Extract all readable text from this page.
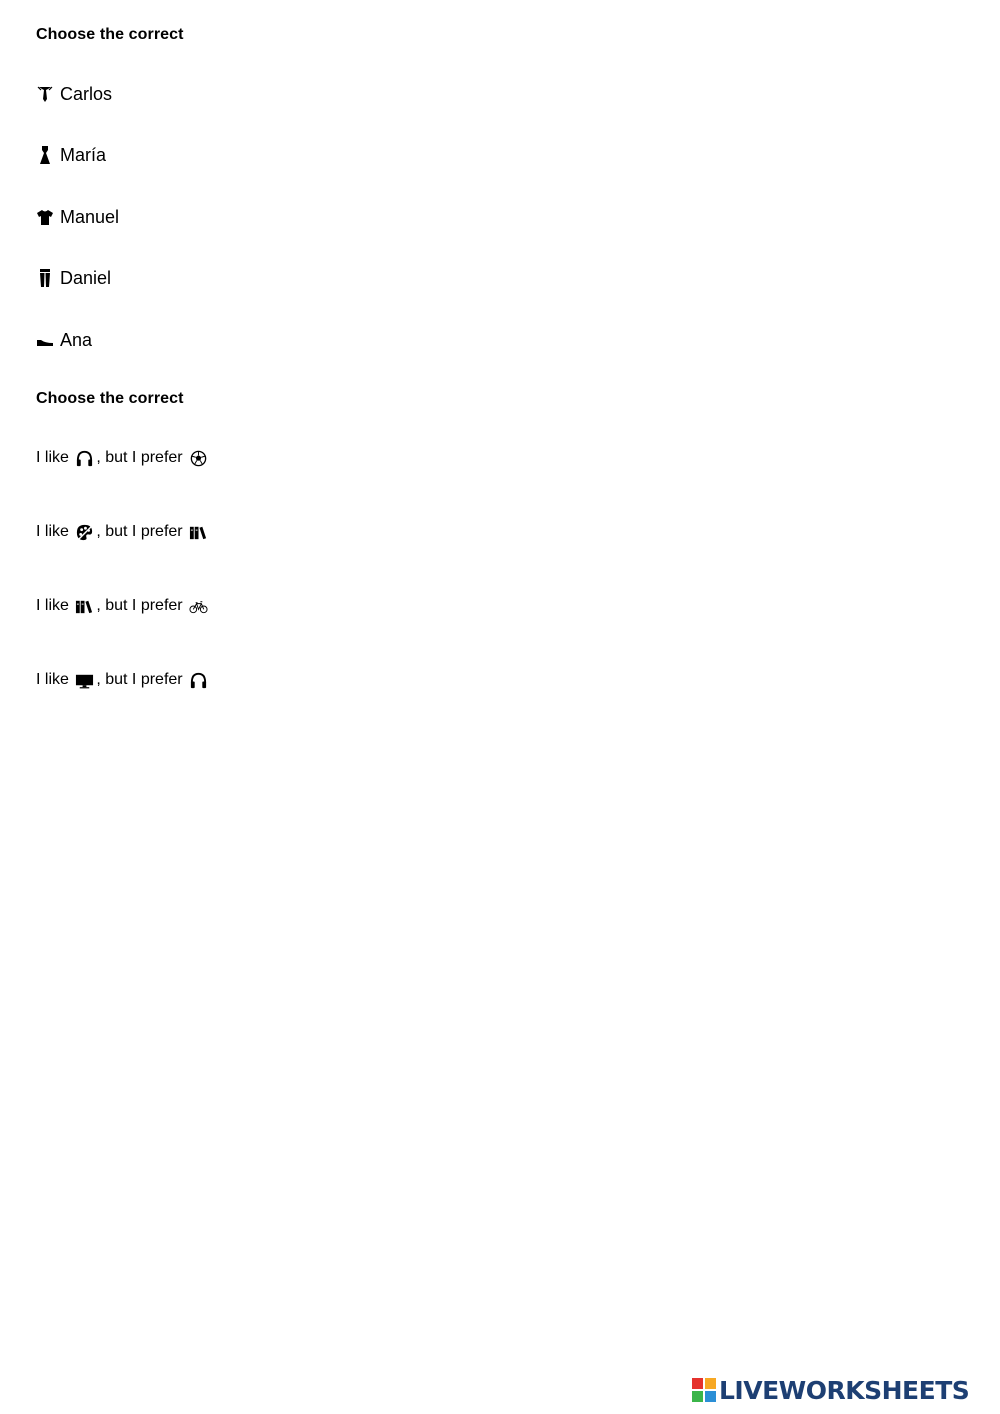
Choose the correct
Carlos
María
Manuel
Daniel
Ana
Choose the correct
I like , but I prefer
I like , but I prefer
I like , but I prefer
I like , but I prefer
LIVEWORKSHEETS
